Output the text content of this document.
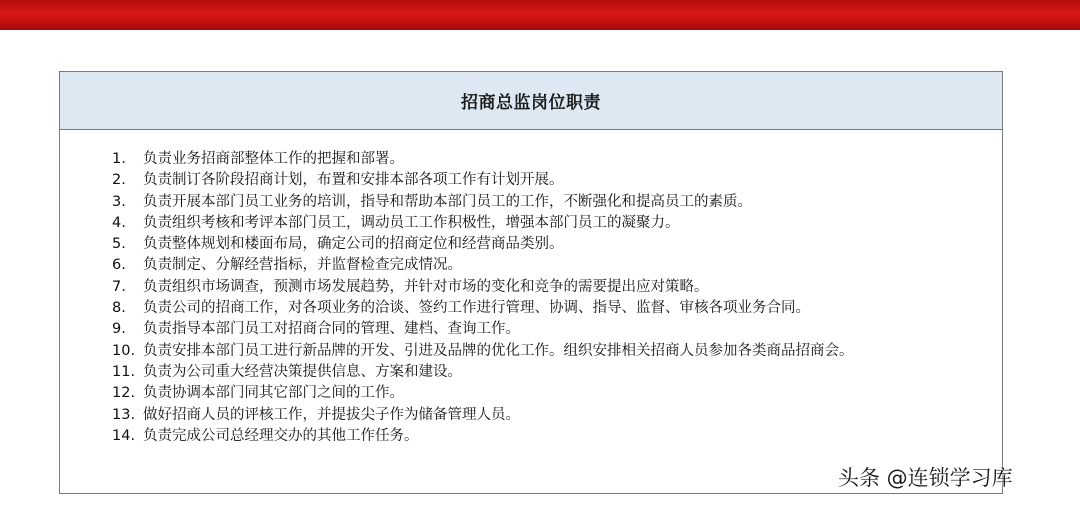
招商总监岗位职责
1.	负责业务招商部整体工作的把握和部署。
2.	负责制订各阶段招商计划，布置和安排本部各项工作有计划开展。
3.	负责开展本部门员工业务的培训，指导和帮助本部门员工的工作，不断强化和提高员工的素质。
4.	负责组织考核和考评本部门员工，调动员工工作积极性，增强本部门员工的凝聚力。
5.	负责整体规划和楼面布局，确定公司的招商定位和经营商品类别。
6.	负责制定、分解经营指标，并监督检查完成情况。
7.	负责组织市场调查，预测市场发展趋势，并针对市场的变化和竞争的需要提出应对策略。
8.	负责公司的招商工作，对各项业务的洽谈、签约工作进行管理、协调、指导、监督、审核各项业务合同。
9.	负责指导本部门员工对招商合同的管理、建档、查询工作。
10. 负责安排本部门员工进行新品牌的开发、引进及品牌的优化工作。组织安排相关招商人员参加各类商品招商会。
11. 负责为公司重大经营决策提供信息、方案和建设。
12. 负责协调本部门同其它部门之间的工作。
13. 做好招商人员的评核工作，并提拔尖子作为储备管理人员。
14. 负责完成公司总经理交办的其他工作任务。
头条 @连锁学习库
